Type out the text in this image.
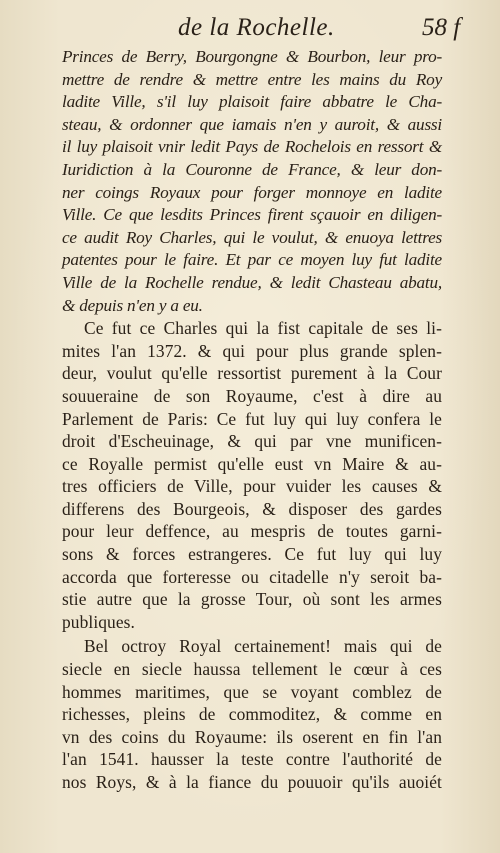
de la Rochelle.	58 f
Princes de Berry, Bourgongne & Bourbon, leur pro-
mettre de rendre & mettre entre les mains du Roy
ladite Ville, s'il luy plaisoit faire abbatre le Cha-
steau, & ordonner que iamais n'en y auroit, & aussi
il luy plaisoit vnir ledit Pays de Rochelois en ressort &
Iuridiction à la Couronne de France, & leur don-
ner coings Royaux pour forger monnoye en ladite
Ville. Ce que lesdits Princes firent sçauoir en diligen-
ce audit Roy Charles, qui le voulut, & enuoya lettres
patentes pour le faire. Et par ce moyen luy fut ladite
Ville de la Rochelle rendue, & ledit Chasteau abatu,
& depuis n'en y a eu.
Ce fut ce Charles qui la fist capitale de ses li-
mites l'an 1372. & qui pour plus grande splen-
deur, voulut qu'elle ressortist purement à la Cour
souueraine de son Royaume, c'est à dire au
Parlement de Paris: Ce fut luy qui luy confera le
droit d'Escheuinage, & qui par vne munificen-
ce Royalle permist qu'elle eust vn Maire & au-
tres officiers de Ville, pour vuider les causes &
differens des Bourgeois, & disposer des gardes
pour leur deffence, au mespris de toutes garni-
sons & forces estrangeres. Ce fut luy qui luy
accorda que forteresse ou citadelle n'y seroit ba-
stie autre que la grosse Tour, où sont les armes
publiques.
Bel octroy Royal certainement! mais qui de
siecle en siecle haussa tellement le cœur à ces
hommes maritimes, que se voyant comblez de
richesses, pleins de commoditez, & comme en
vn des coins du Royaume: ils oserent en fin l'an
l'an 1541. hausser la teste contre l'authorité de
nos Roys, & à la fiance du pouuoir qu'ils auoiét
